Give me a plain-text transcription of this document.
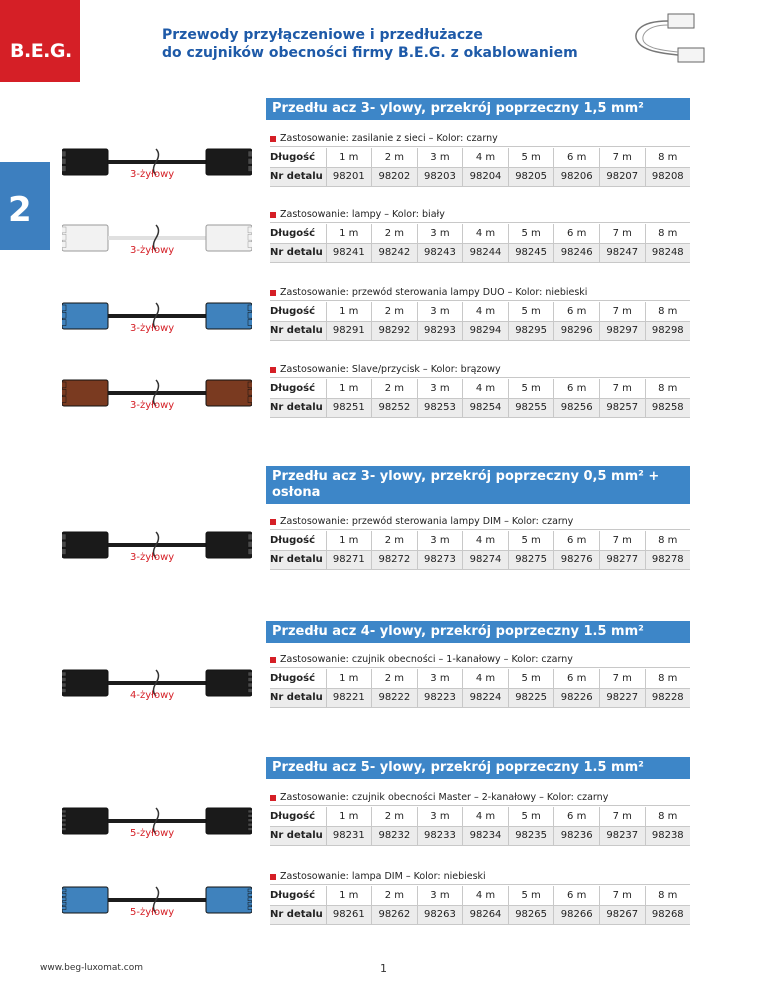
B.E.G.
Przewody przyłączeniowe i przedłużacze
do czujników obecności firmy B.E.G. z okablowaniem
2
Przedłu acz 3- ylowy, przekrój poprzeczny 1,5 mm²
3-żyłowy
Zastosowanie: zasilanie z sieci – Kolor: czarny
Długość	1 m	2 m	3 m	4 m	5 m	6 m	7 m	8 m
Nr detalu	98201	98202	98203	98204	98205	98206	98207	98208
3-żyłowy
Zastosowanie: lampy – Kolor: biały
Długość	1 m	2 m	3 m	4 m	5 m	6 m	7 m	8 m
Nr detalu	98241	98242	98243	98244	98245	98246	98247	98248
3-żyłowy
Zastosowanie: przewód sterowania lampy DUO – Kolor: niebieski
Długość	1 m	2 m	3 m	4 m	5 m	6 m	7 m	8 m
Nr detalu	98291	98292	98293	98294	98295	98296	98297	98298
3-żyłowy
Zastosowanie: Slave/przycisk – Kolor: brązowy
Długość	1 m	2 m	3 m	4 m	5 m	6 m	7 m	8 m
Nr detalu	98251	98252	98253	98254	98255	98256	98257	98258
Przedłu acz 3- ylowy, przekrój poprzeczny 0,5 mm² + osłona
3-żyłowy
Zastosowanie: przewód sterowania lampy DIM – Kolor: czarny
Długość	1 m	2 m	3 m	4 m	5 m	6 m	7 m	8 m
Nr detalu	98271	98272	98273	98274	98275	98276	98277	98278
Przedłu acz 4- ylowy, przekrój poprzeczny 1.5 mm²
4-żyłowy
Zastosowanie: czujnik obecności – 1-kanałowy – Kolor: czarny
Długość	1 m	2 m	3 m	4 m	5 m	6 m	7 m	8 m
Nr detalu	98221	98222	98223	98224	98225	98226	98227	98228
Przedłu acz 5- ylowy, przekrój poprzeczny 1.5 mm²
5-żyłowy
Zastosowanie: czujnik obecności Master – 2-kanałowy – Kolor: czarny
Długość	1 m	2 m	3 m	4 m	5 m	6 m	7 m	8 m
Nr detalu	98231	98232	98233	98234	98235	98236	98237	98238
5-żyłowy
Zastosowanie: lampa DIM – Kolor: niebieski
Długość	1 m	2 m	3 m	4 m	5 m	6 m	7 m	8 m
Nr detalu	98261	98262	98263	98264	98265	98266	98267	98268
www.beg-luxomat.com	1
